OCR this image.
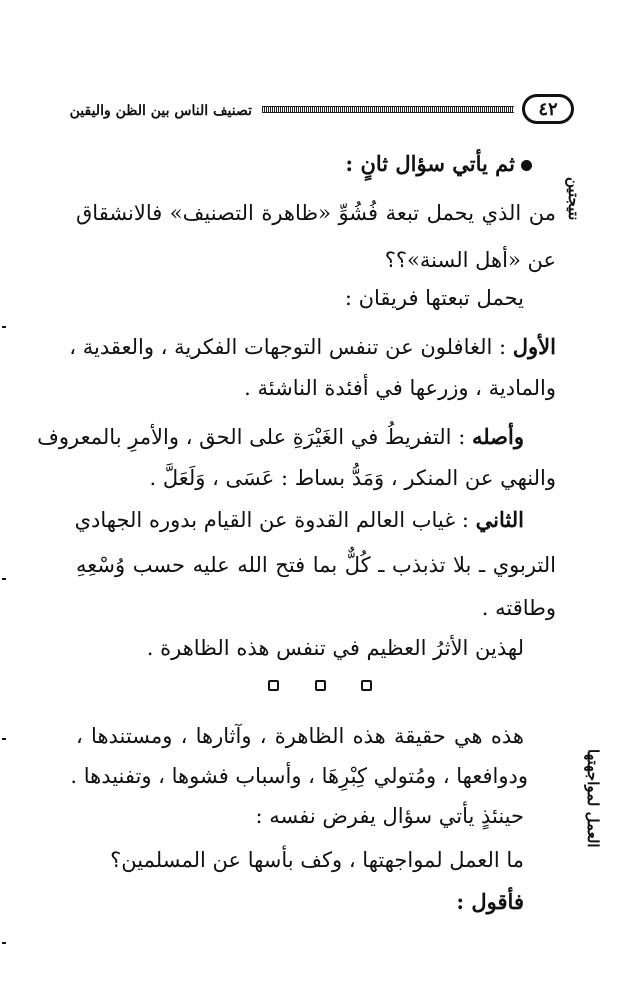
٤٢
تصنيف الناس بين الظن واليقين
نتيجتين
العمل لمواجهتها
ثم يأتي سؤال ثانٍ :
من الذي يحمل تبعة فُشُوِّ «ظاهرة التصنيف» فالانشقاق
عن «أهل السنة»؟؟
يحمل تبعتها فريقان :
الأول : الغافلون عن تنفس التوجهات الفكرية ، والعقدية ،
والمادية ، وزرعها في أفئدة الناشئة .
وأصله : التفريطُ في الغَيْرَةِ على الحق ، والأمرِ بالمعروف
والنهي عن المنكر ، وَمَدُّ بساط : عَسَى ، وَلَعَلَّ .
الثاني : غياب العالم القدوة عن القيام بدوره الجهادي
التربوي ـ بلا تذبذب ـ كُلٌّ بما فتح الله عليه حسب وُسْعِهِ
وطاقته .
لهذين الأثرُ العظيم في تنفس هذه الظاهرة .
هذه هي حقيقة هذه الظاهرة ، وآثارها ، ومستندها ،
ودوافعها ، ومُتولي كِبْرِهَا ، وأسباب فشوها ، وتفنيدها .
حينئذٍ يأتي سؤال يفرض نفسه :
ما العمل لمواجهتها ، وكف بأسها عن المسلمين؟
فأقول :
